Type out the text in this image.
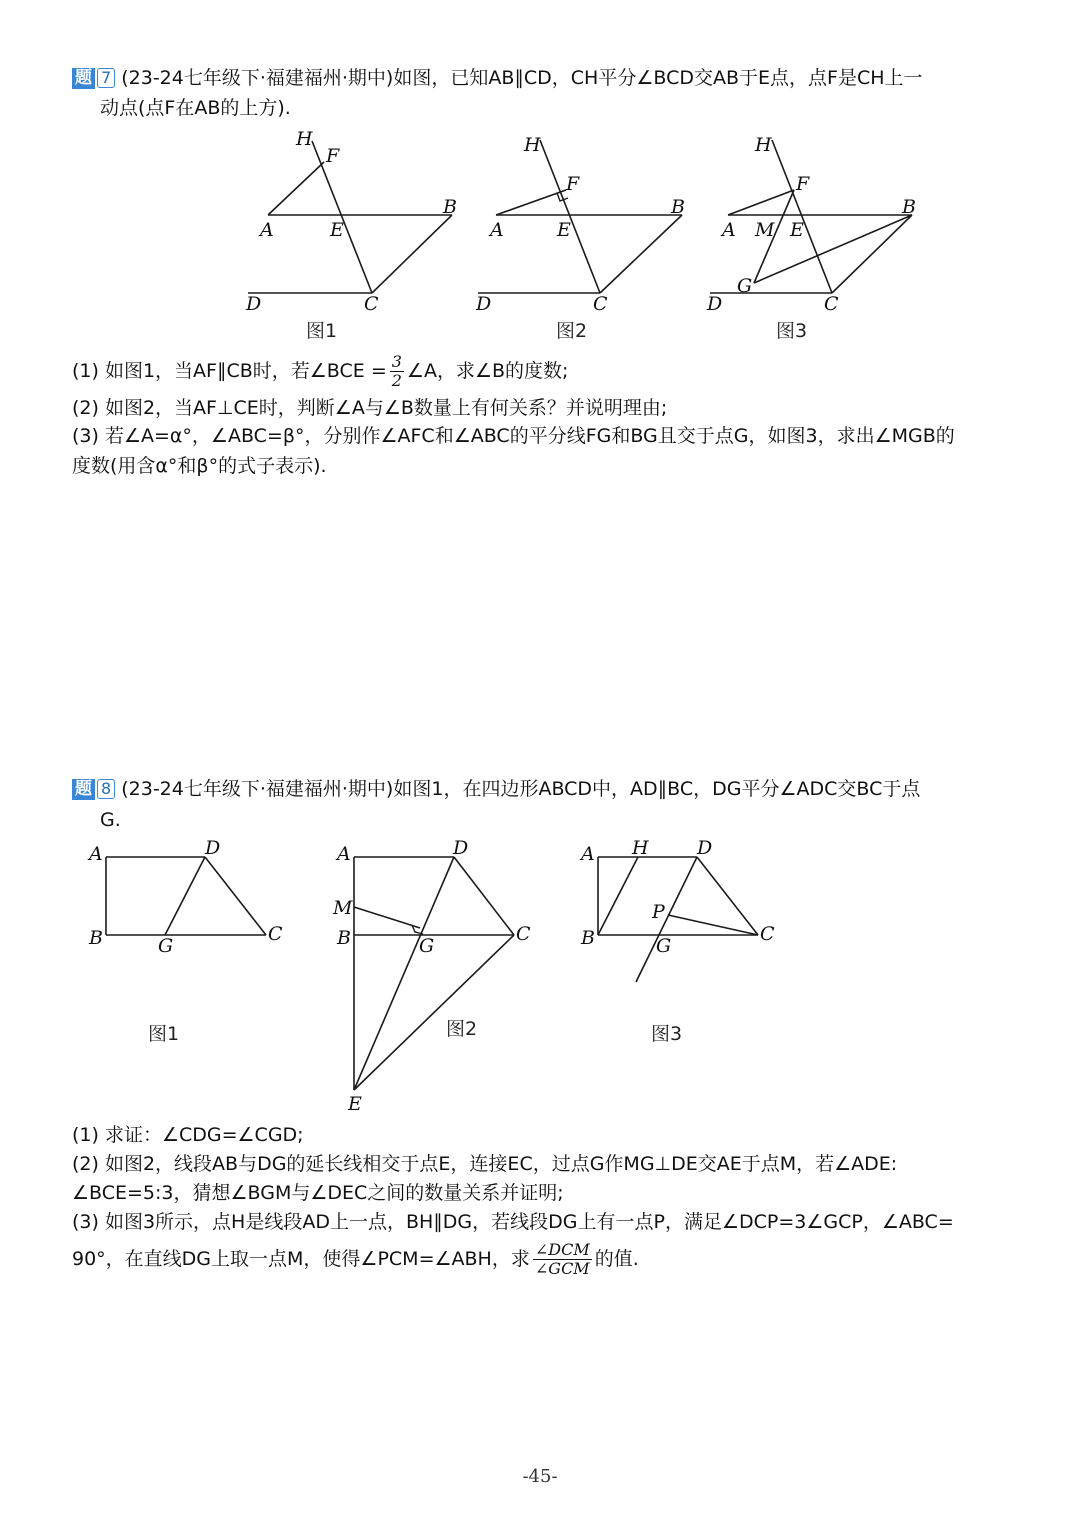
题 7 (23-24七年级下·福建福州·期中)如图，已知AB∥CD，CH平分∠BCD交AB于E点，点F是CH上一
动点(点F在AB的上方).
H
F
A	E
B
D	C
图1
H
F
A	E
B
D	C
图2
H
F
A M E
B
G
D	C
图3
(1) 如图1，当AF∥CB时，若∠BCE = $\frac{3}{2}$ ∠A，求∠B的度数;
(2) 如图2，当AF⊥CE时，判断∠A与∠B数量上有何关系？并说明理由;
(3) 若∠A=α°，∠ABC=β°，分别作∠AFC和∠ABC的平分线FG和BG且交于点G，如图3，求出∠MGB的
度数(用含α°和β°的式子表示).
题 8 (23-24七年级下·福建福州·期中)如图1，在四边形ABCD中，AD∥BC，DG平分∠ADC交BC于点
G.
A	D
B	G
C
图1
A	D
M
B	G
C
E
图2
A H	D
P
B	G
C
图3
(1) 求证：∠CDG=∠CGD;
(2) 如图2，线段AB与DG的延长线相交于点E，连接EC，过点G作MG⊥DE交AE于点M，若∠ADE:
∠BCE=5:3，猜想∠BGM与∠DEC之间的数量关系并证明;
(3) 如图3所示，点H是线段AD上一点，BH∥DG，若线段DG上有一点P，满足∠DCP=3∠GCP，∠ABC=
90°，在直线DG上取一点M，使得∠PCM=∠ABH，求 $\frac{\text{∠DCM}}{\text{∠GCM}}$ 的值.
-45-
